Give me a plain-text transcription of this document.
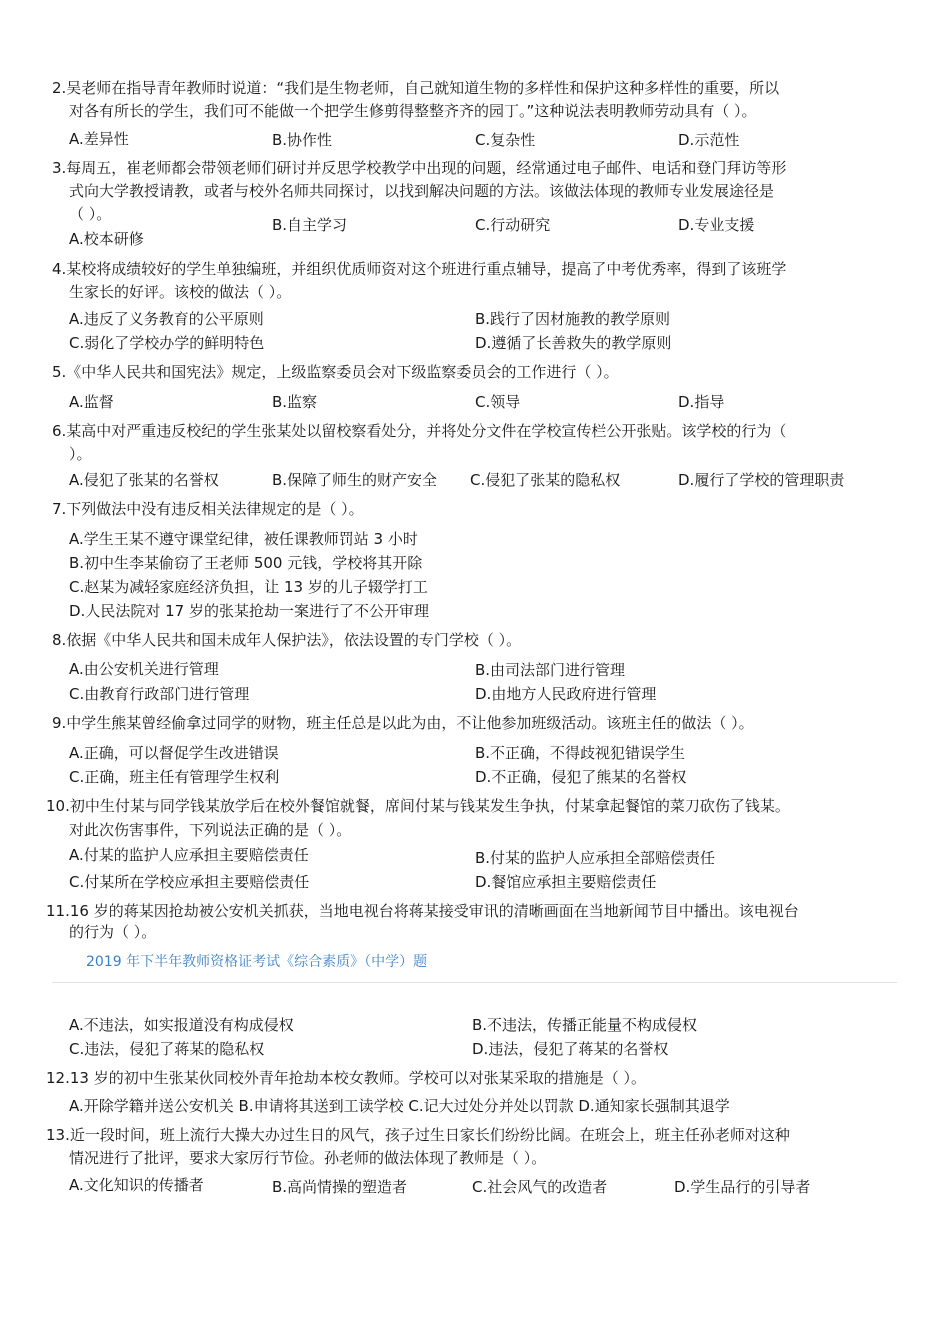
2.吴老师在指导青年教师时说道：“我们是生物老师，自己就知道生物的多样性和保护这种多样性的重要，所以
对各有所长的学生，我们可不能做一个把学生修剪得整整齐齐的园丁。”这种说法表明教师劳动具有（ ）。
A.差异性	B.协作性	C.复杂性	D.示范性
3.每周五，崔老师都会带领老师们研讨并反思学校教学中出现的问题，经常通过电子邮件、电话和登门拜访等形
式向大学教授请教，或者与校外名师共同探讨，以找到解决问题的方法。该做法体现的教师专业发展途径是
（ ）。
A.校本研修
B.自主学习	C.行动研究	D.专业支援
4.某校将成绩较好的学生单独编班，并组织优质师资对这个班进行重点辅导，提高了中考优秀率，得到了该班学
生家长的好评。该校的做法（ ）。
A.违反了义务教育的公平原则	B.践行了因材施教的教学原则
C.弱化了学校办学的鲜明特色	D.遵循了长善救失的教学原则
5.《中华人民共和国宪法》规定，上级监察委员会对下级监察委员会的工作进行（ ）。
A.监督	B.监察	C.领导	D.指导
6.某高中对严重违反校纪的学生张某处以留校察看处分，并将处分文件在学校宣传栏公开张贴。该学校的行为（
）。
A.侵犯了张某的名誉权	B.保障了师生的财产安全 C.侵犯了张某的隐私权	D.履行了学校的管理职责
7.下列做法中没有违反相关法律规定的是（ ）。
A.学生王某不遵守课堂纪律，被任课教师罚站 3 小时
B.初中生李某偷窃了王老师 500 元钱，学校将其开除
C.赵某为减轻家庭经济负担，让 13 岁的儿子辍学打工
D.人民法院对 17 岁的张某抢劫一案进行了不公开审理
8.依据《中华人民共和国未成年人保护法》，依法设置的专门学校（ ）。
A.由公安机关进行管理	B.由司法部门进行管理
C.由教育行政部门进行管理	D.由地方人民政府进行管理
9.中学生熊某曾经偷拿过同学的财物，班主任总是以此为由，不让他参加班级活动。该班主任的做法（ ）。
A.正确，可以督促学生改进错误	B.不正确，不得歧视犯错误学生
C.正确，班主任有管理学生权利	D.不正确，侵犯了熊某的名誉权
10.初中生付某与同学钱某放学后在校外餐馆就餐，席间付某与钱某发生争执，付某拿起餐馆的菜刀砍伤了钱某。
对此次伤害事件，下列说法正确的是（ ）。
A.付某的监护人应承担主要赔偿责任	B.付某的监护人应承担全部赔偿责任
C.付某所在学校应承担主要赔偿责任	D.餐馆应承担主要赔偿责任
11.16 岁的蒋某因抢劫被公安机关抓获，当地电视台将蒋某接受审讯的清晰画面在当地新闻节目中播出。该电视台
的行为（ ）。
2019 年下半年教师资格证考试《综合素质》（中学）题
A.不违法，如实报道没有构成侵权	B.不违法，传播正能量不构成侵权
C.违法，侵犯了蒋某的隐私权	D.违法，侵犯了蒋某的名誉权
12.13 岁的初中生张某伙同校外青年抢劫本校女教师。学校可以对张某采取的措施是（ ）。
A.开除学籍并送公安机关 B.申请将其送到工读学校 C.记大过处分并处以罚款 D.通知家长强制其退学
13.近一段时间，班上流行大操大办过生日的风气，孩子过生日家长们纷纷比阔。在班会上，班主任孙老师对这种
情况进行了批评，要求大家厉行节俭。孙老师的做法体现了教师是（ ）。
A.文化知识的传播者	B.高尚情操的塑造者	C.社会风气的改造者	D.学生品行的引导者
